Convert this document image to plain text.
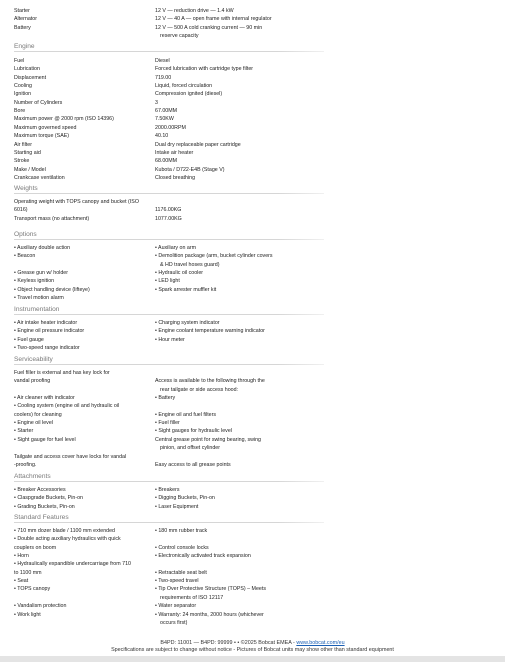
Starter	12 V — reduction drive — 1.4 kW
Alternator	12 V — 40 A — open frame with internal regulator
Battery	12 V — 500 A cold cranking current — 90 min
reserve capacity
Engine
Fuel	Diesel
Lubrication	Forced lubrication with cartridge type filter
Displacement	719.00
Cooling	Liquid, forced circulation
Ignition	Compression ignited (diesel)
Number of Cylinders	3
Bore	67.00MM
Maximum power @ 2000 rpm (ISO 14396)	7.50KW
Maximum governed speed	2000.00RPM
Maximum torque (SAE)	40.10
Air filter	Dual dry replaceable paper cartridge
Starting aid	Intake air heater
Stroke	68.00MM
Make / Model	Kubota / D722-E4B (Stage V)
Crankcase ventilation	Closed breathing
Weights
Operating weight with TOPS canopy and bucket (ISO
6016)	1176.00KG
Transport mass (no attachment)	1077.00KG
Options
• Auxiliary double action	• Auxiliary on arm
• Beacon	• Demolition package (arm, bucket cylinder covers
& HD travel hoses guard)
• Grease gun w/ holder	• Hydraulic oil cooler
• Keyless ignition	• LED light
• Object handling device (lifteye)	• Spark arrester muffler kit
• Travel motion alarm
Instrumentation
• Air intake heater indicator	• Charging system indicator
• Engine oil pressure indicator	• Engine coolant temperature warning indicator
• Fuel gauge	• Hour meter
• Two-speed range indicator
Serviceability
Fuel filler is external and has key lock for
vandal proofing	Access is available to the following through the
rear tailgate or side access hood:
• Air cleaner with indicator	• Battery
• Cooling system (engine oil and hydraulic oil
coolers) for cleaning	• Engine oil and fuel filters
• Engine oil level	• Fuel filler
• Starter	• Sight gauges for hydraulic level
• Sight gauge for fuel level	Central grease point for swing bearing, swing
pinion, and offset cylinder
Tailgate and access cover have locks for vandal
-proofing.	Easy access to all grease points
Attachments
• Breaker Accessories	• Breakers
• Claspgrade Buckets, Pin-on	• Digging Buckets, Pin-on
• Grading Buckets, Pin-on	• Laser Equipment
Standard Features
• 710 mm dozer blade / 1100 mm extended	• 180 mm rubber track
• Double acting auxiliary hydraulics with quick
couplers on boom	• Control console locks
• Horn	• Electronically activated track expansion
• Hydraulically expandible undercarriage from 710
to 1100 mm	• Retractable seat belt
• Seat	• Two-speed travel
• TOPS canopy	• Tip Over Protective Structure (TOPS) – Meets
requirements of ISO 12117
• Vandalism protection	• Water separator
• Work light	• Warranty: 24 months, 2000 hours (whichever
occurs first)
B4PD: 11001 — B4PD: 99999 • • ©2025 Bobcat EMEA - www.bobcat.com/eu
Specifications are subject to change without notice - Pictures of Bobcat units may show other than standard equipment
